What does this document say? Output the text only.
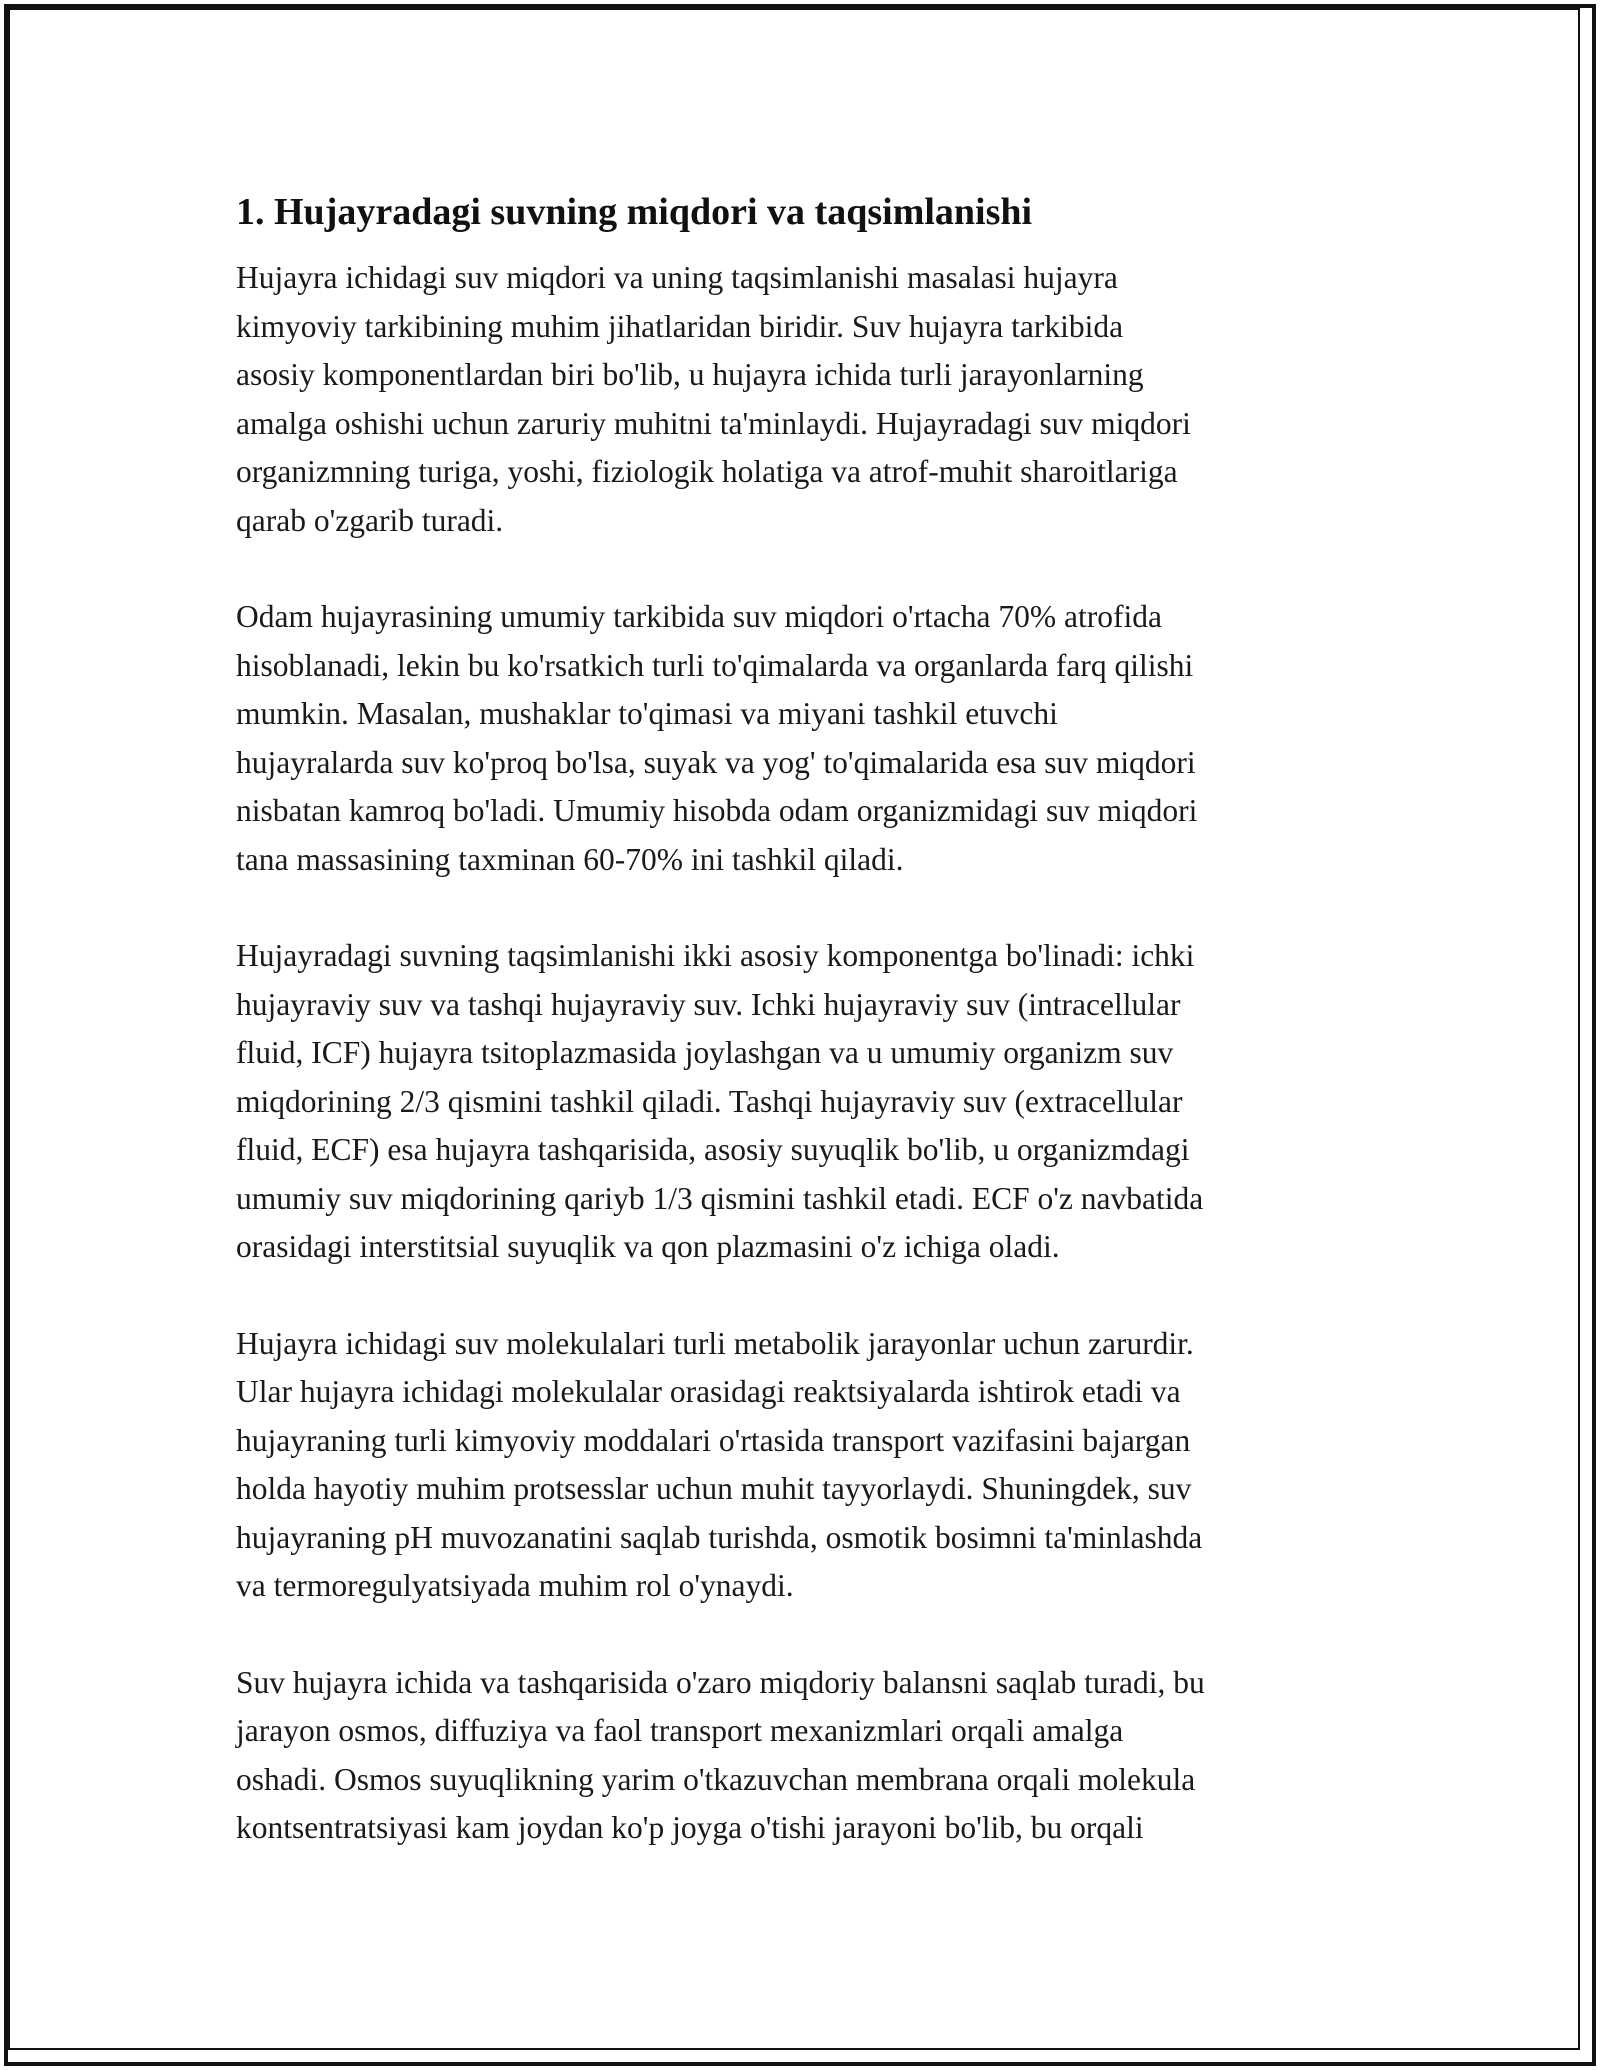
1. Hujayradagi suvning miqdori va taqsimlanishi
Hujayra ichidagi suv miqdori va uning taqsimlanishi masalasi hujayra
kimyoviy tarkibining muhim jihatlaridan biridir. Suv hujayra tarkibida
asosiy komponentlardan biri bo'lib, u hujayra ichida turli jarayonlarning
amalga oshishi uchun zaruriy muhitni ta'minlaydi. Hujayradagi suv miqdori
organizmning turiga, yoshi, fiziologik holatiga va atrof-muhit sharoitlariga
qarab o'zgarib turadi.
Odam hujayrasining umumiy tarkibida suv miqdori o'rtacha 70% atrofida
hisoblanadi, lekin bu ko'rsatkich turli to'qimalarda va organlarda farq qilishi
mumkin. Masalan, mushaklar to'qimasi va miyani tashkil etuvchi
hujayralarda suv ko'proq bo'lsa, suyak va yog' to'qimalarida esa suv miqdori
nisbatan kamroq bo'ladi. Umumiy hisobda odam organizmidagi suv miqdori
tana massasining taxminan 60-70% ini tashkil qiladi.
Hujayradagi suvning taqsimlanishi ikki asosiy komponentga bo'linadi: ichki
hujayraviy suv va tashqi hujayraviy suv. Ichki hujayraviy suv (intracellular
fluid, ICF) hujayra tsitoplazmasida joylashgan va u umumiy organizm suv
miqdorining 2/3 qismini tashkil qiladi. Tashqi hujayraviy suv (extracellular
fluid, ECF) esa hujayra tashqarisida, asosiy suyuqlik bo'lib, u organizmdagi
umumiy suv miqdorining qariyb 1/3 qismini tashkil etadi. ECF o'z navbatida
orasidagi interstitsial suyuqlik va qon plazmasini o'z ichiga oladi.
Hujayra ichidagi suv molekulalari turli metabolik jarayonlar uchun zarurdir.
Ular hujayra ichidagi molekulalar orasidagi reaktsiyalarda ishtirok etadi va
hujayraning turli kimyoviy moddalari o'rtasida transport vazifasini bajargan
holda hayotiy muhim protsesslar uchun muhit tayyorlaydi. Shuningdek, suv
hujayraning pH muvozanatini saqlab turishda, osmotik bosimni ta'minlashda
va termoregulyatsiyada muhim rol o'ynaydi.
Suv hujayra ichida va tashqarisida o'zaro miqdoriy balansni saqlab turadi, bu
jarayon osmos, diffuziya va faol transport mexanizmlari orqali amalga
oshadi. Osmos suyuqlikning yarim o'tkazuvchan membrana orqali molekula
kontsentratsiyasi kam joydan ko'p joyga o'tishi jarayoni bo'lib, bu orqali
